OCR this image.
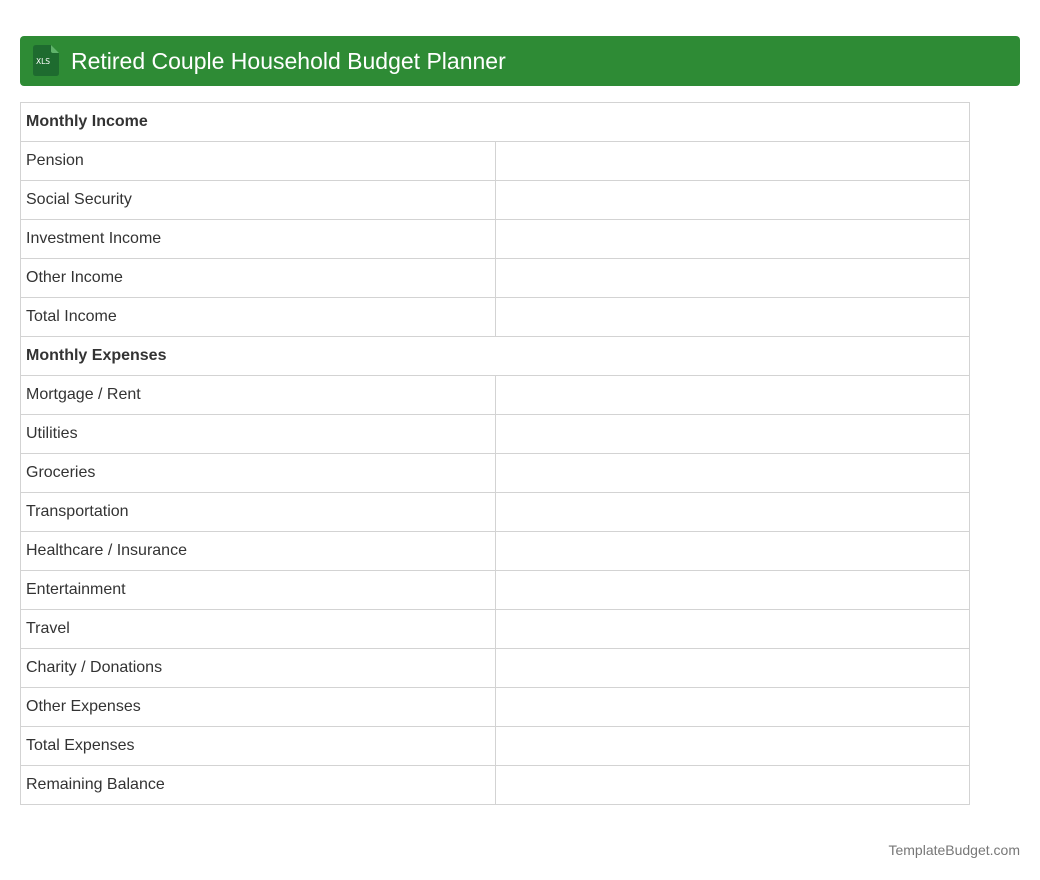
XLS Retired Couple Household Budget Planner
Monthly Income	
Pension	
Social Security	
Investment Income	
Other Income	
Total Income	
Monthly Expenses	
Mortgage / Rent	
Utilities	
Groceries	
Transportation	
Healthcare / Insurance	
Entertainment	
Travel	
Charity / Donations	
Other Expenses	
Total Expenses	
Remaining Balance	
TemplateBudget.com
